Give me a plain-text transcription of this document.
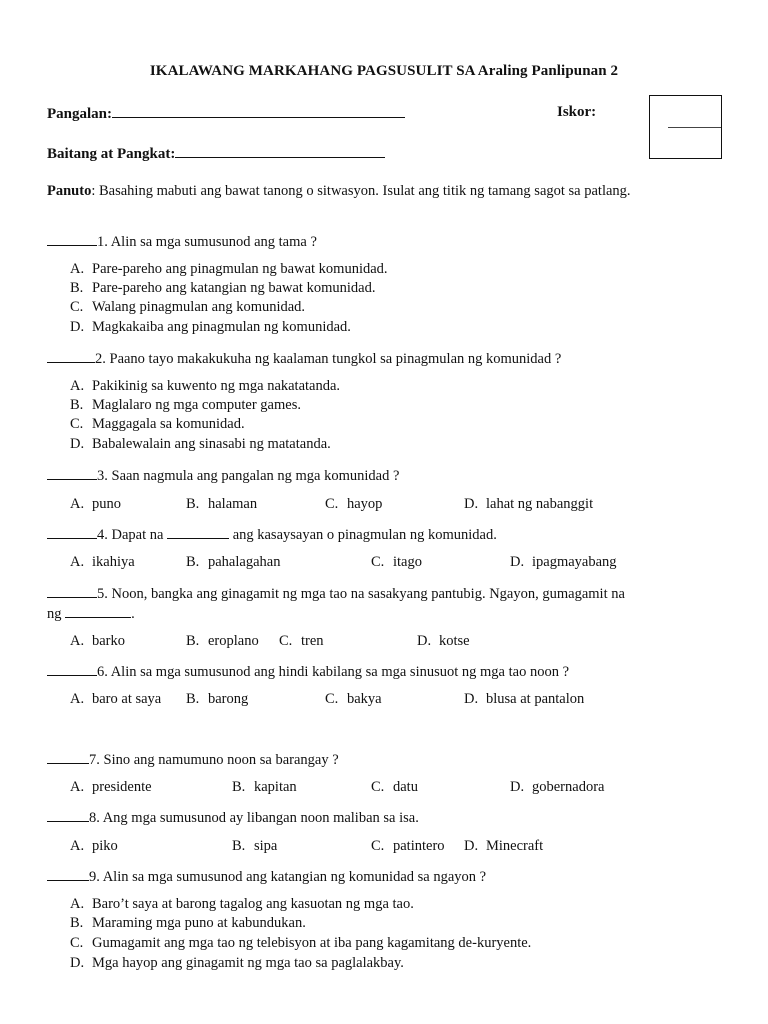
IKALAWANG MARKAHANG PAGSUSULIT SA Araling Panlipunan 2
Pangalan:	Iskor:
Baitang at Pangkat:
Panuto: Basahing mabuti ang bawat tanong o sitwasyon. Isulat ang titik ng tamang sagot sa patlang.
1. Alin sa mga sumusunod ang tama ?
A. Pare-pareho ang pinagmulan ng bawat komunidad.
B. Pare-pareho ang katangian ng bawat komunidad.
C. Walang pinagmulan ang komunidad.
D. Magkakaiba ang pinagmulan ng komunidad.
2. Paano tayo makakukuha ng kaalaman tungkol sa pinagmulan ng komunidad ?
A. Pakikinig sa kuwento ng mga nakatatanda.
B. Maglalaro ng mga computer games.
C. Maggagala sa komunidad.
D. Babalewalain ang sinasabi ng matatanda.
3. Saan nagmula ang pangalan ng mga komunidad ?
A. puno	B. halaman	C. hayop	D. lahat ng nabanggit
4. Dapat na	ang kasaysayan o pinagmulan ng komunidad.
A. ikahiya	B. pahalagahan	C. itago	D. ipagmayabang
5. Noon, bangka ang ginagamit ng mga tao na sasakyang pantubig. Ngayon, gumagamit na
ng	.
A. barko	B. eroplano C. tren	D. kotse
6. Alin sa mga sumusunod ang hindi kabilang sa mga sinusuot ng mga tao noon ?
A. baro at saya B. barong	C. bakya	D. blusa at pantalon
7. Sino ang namumuno noon sa barangay ?
A. presidente	B. kapitan	C. datu	D. gobernadora
8. Ang mga sumusunod ay libangan noon maliban sa isa.
A. piko	B. sipa	C. patintero D. Minecraft
9. Alin sa mga sumusunod ang katangian ng komunidad sa ngayon ?
A. Baro’t saya at barong tagalog ang kasuotan ng mga tao.
B. Maraming mga puno at kabundukan.
C. Gumagamit ang mga tao ng telebisyon at iba pang kagamitang de-kuryente.
D. Mga hayop ang ginagamit ng mga tao sa paglalakbay.
